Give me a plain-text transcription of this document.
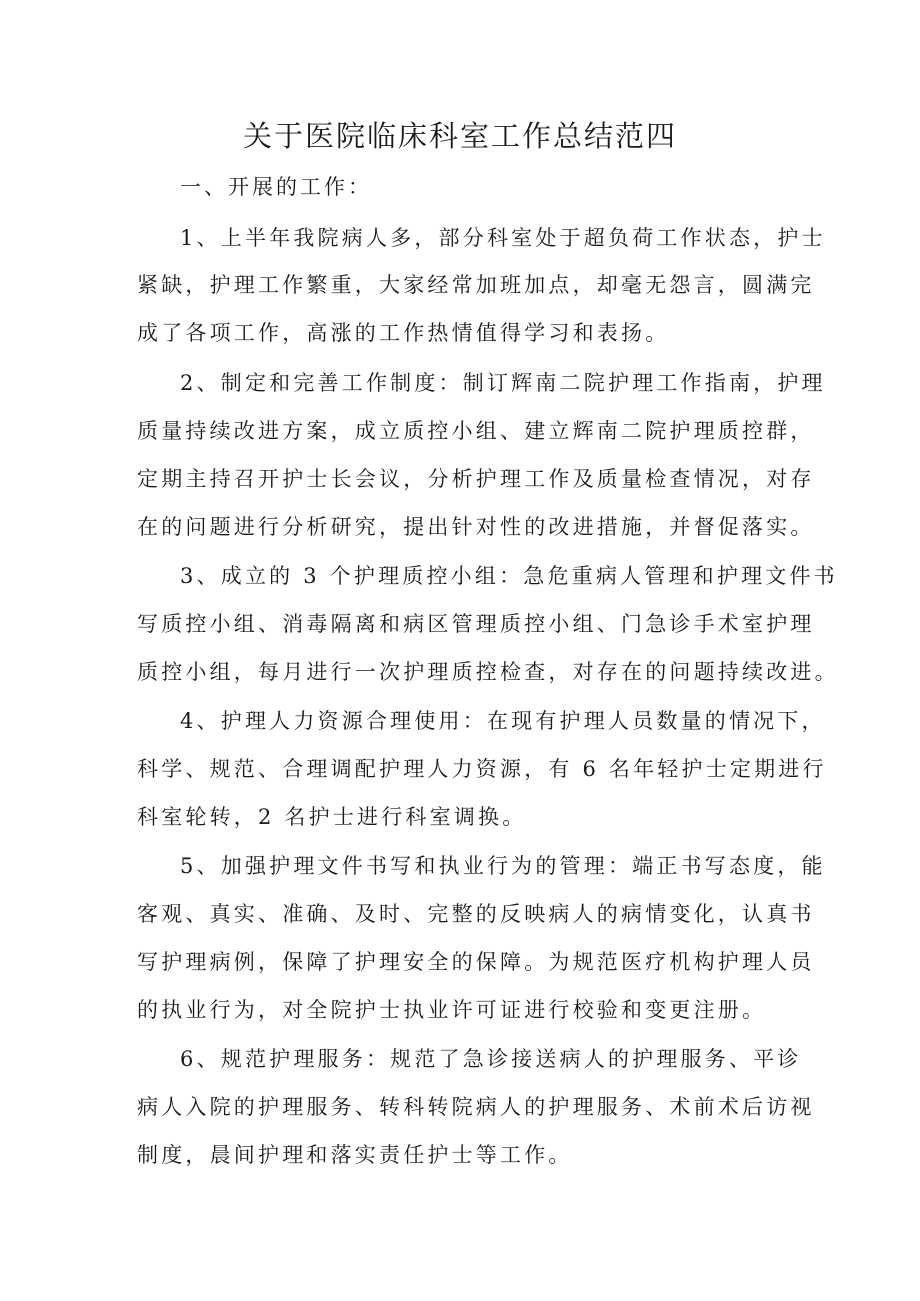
关于医院临床科室工作总结范四
一、开展的工作：
1、上半年我院病人多，部分科室处于超负荷工作状态，护士
紧缺，护理工作繁重，大家经常加班加点，却毫无怨言，圆满完
成了各项工作，高涨的工作热情值得学习和表扬。
2、制定和完善工作制度：制订辉南二院护理工作指南，护理
质量持续改进方案，成立质控小组、建立辉南二院护理质控群，
定期主持召开护士长会议，分析护理工作及质量检查情况，对存
在的问题进行分析研究，提出针对性的改进措施，并督促落实。
3、成立的 3 个护理质控小组：急危重病人管理和护理文件书
写质控小组、消毒隔离和病区管理质控小组、门急诊手术室护理
质控小组，每月进行一次护理质控检查，对存在的问题持续改进。
4、护理人力资源合理使用：在现有护理人员数量的情况下，
科学、规范、合理调配护理人力资源，有 6 名年轻护士定期进行
科室轮转，2 名护士进行科室调换。
5、加强护理文件书写和执业行为的管理：端正书写态度，能
客观、真实、准确、及时、完整的反映病人的病情变化，认真书
写护理病例，保障了护理安全的保障。为规范医疗机构护理人员
的执业行为，对全院护士执业许可证进行校验和变更注册。
6、规范护理服务：规范了急诊接送病人的护理服务、平诊
病人入院的护理服务、转科转院病人的护理服务、术前术后访视
制度，晨间护理和落实责任护士等工作。
